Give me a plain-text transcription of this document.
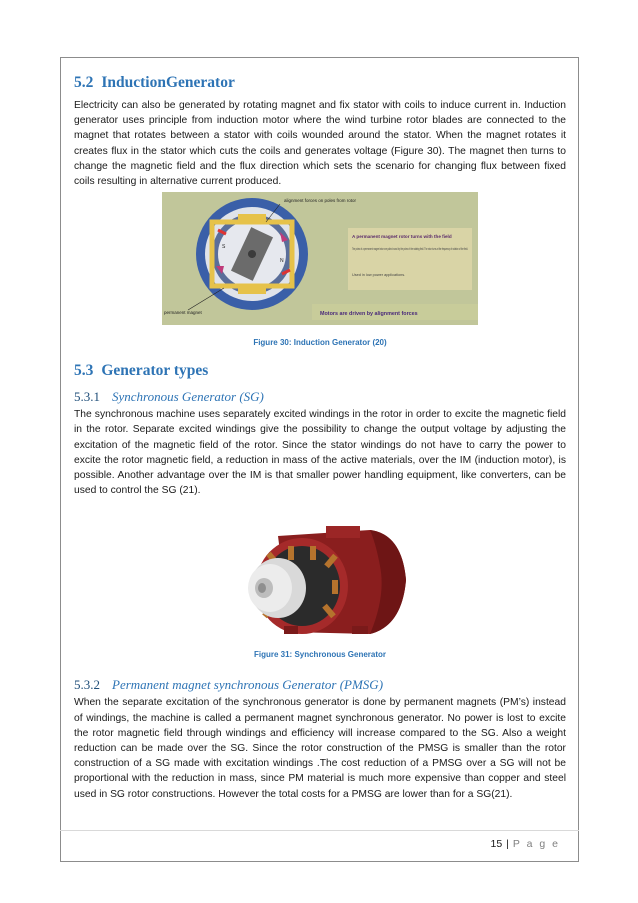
5.2 InductionGenerator

Electricity can also be generated by rotating magnet and fix stator with coils to induce current in. Induction generator uses principle from induction motor where the wind turbine rotor blades are connected to the magnet that rotates between a stator with coils wounded around the stator. When the magnet rotates it creates flux in the stator which cuts the coils and generates voltage (Figure 30). The magnet then turns to change the magnetic field and the flux direction which sets the scenario for changing flux between fixed coils resulting in alternative current produced.

S
N
alignment forces on poles from rotor
A permanent magnet rotor turns with the field
The poles of a permanent magnet rotor are pulled round by the poles of the rotating field. The rotor turns at the frequency of rotation of the field.
Used in low power applications.
permanent magnet	Motors are driven by alignment forces
Figure 30: Induction Generator (20)
5.3 Generator types
5.3.1 Synchronous Generator (SG)

The synchronous machine uses separately excited windings in the rotor in order to excite the magnetic field in the rotor. Separate excited windings give the possibility to change the output voltage by adjusting the excitation of the magnetic field of the rotor. Since the stator windings do not have to carry the power to excite the rotor magnetic field, a reduction in mass of the active materials, over the IM (induction motor), is possible. Another advantage over the IM is that smaller power handling equipment, like converters, can be used to control the SG (21).

Figure 31: Synchronous Generator
5.3.2 Permanent magnet synchronous Generator (PMSG)

When the separate excitation of the synchronous generator is done by permanent magnets (PM’s) instead of windings, the machine is called a permanent magnet synchronous generator. No power is lost to excite the rotor magnetic field through windings and efficiency will increase compared to the SG. Also a weight reduction can be made over the SG. Since the rotor construction of the PMSG is smaller than the rotor construction of a SG made with excitation windings .The cost reduction of a PMSG over a SG will not be proportional with the reduction in mass, since PM material is much more expensive than copper and steel used in SG rotor constructions. However the total costs for a PMSG are lower than for a SG(21).

15 | P a g e
